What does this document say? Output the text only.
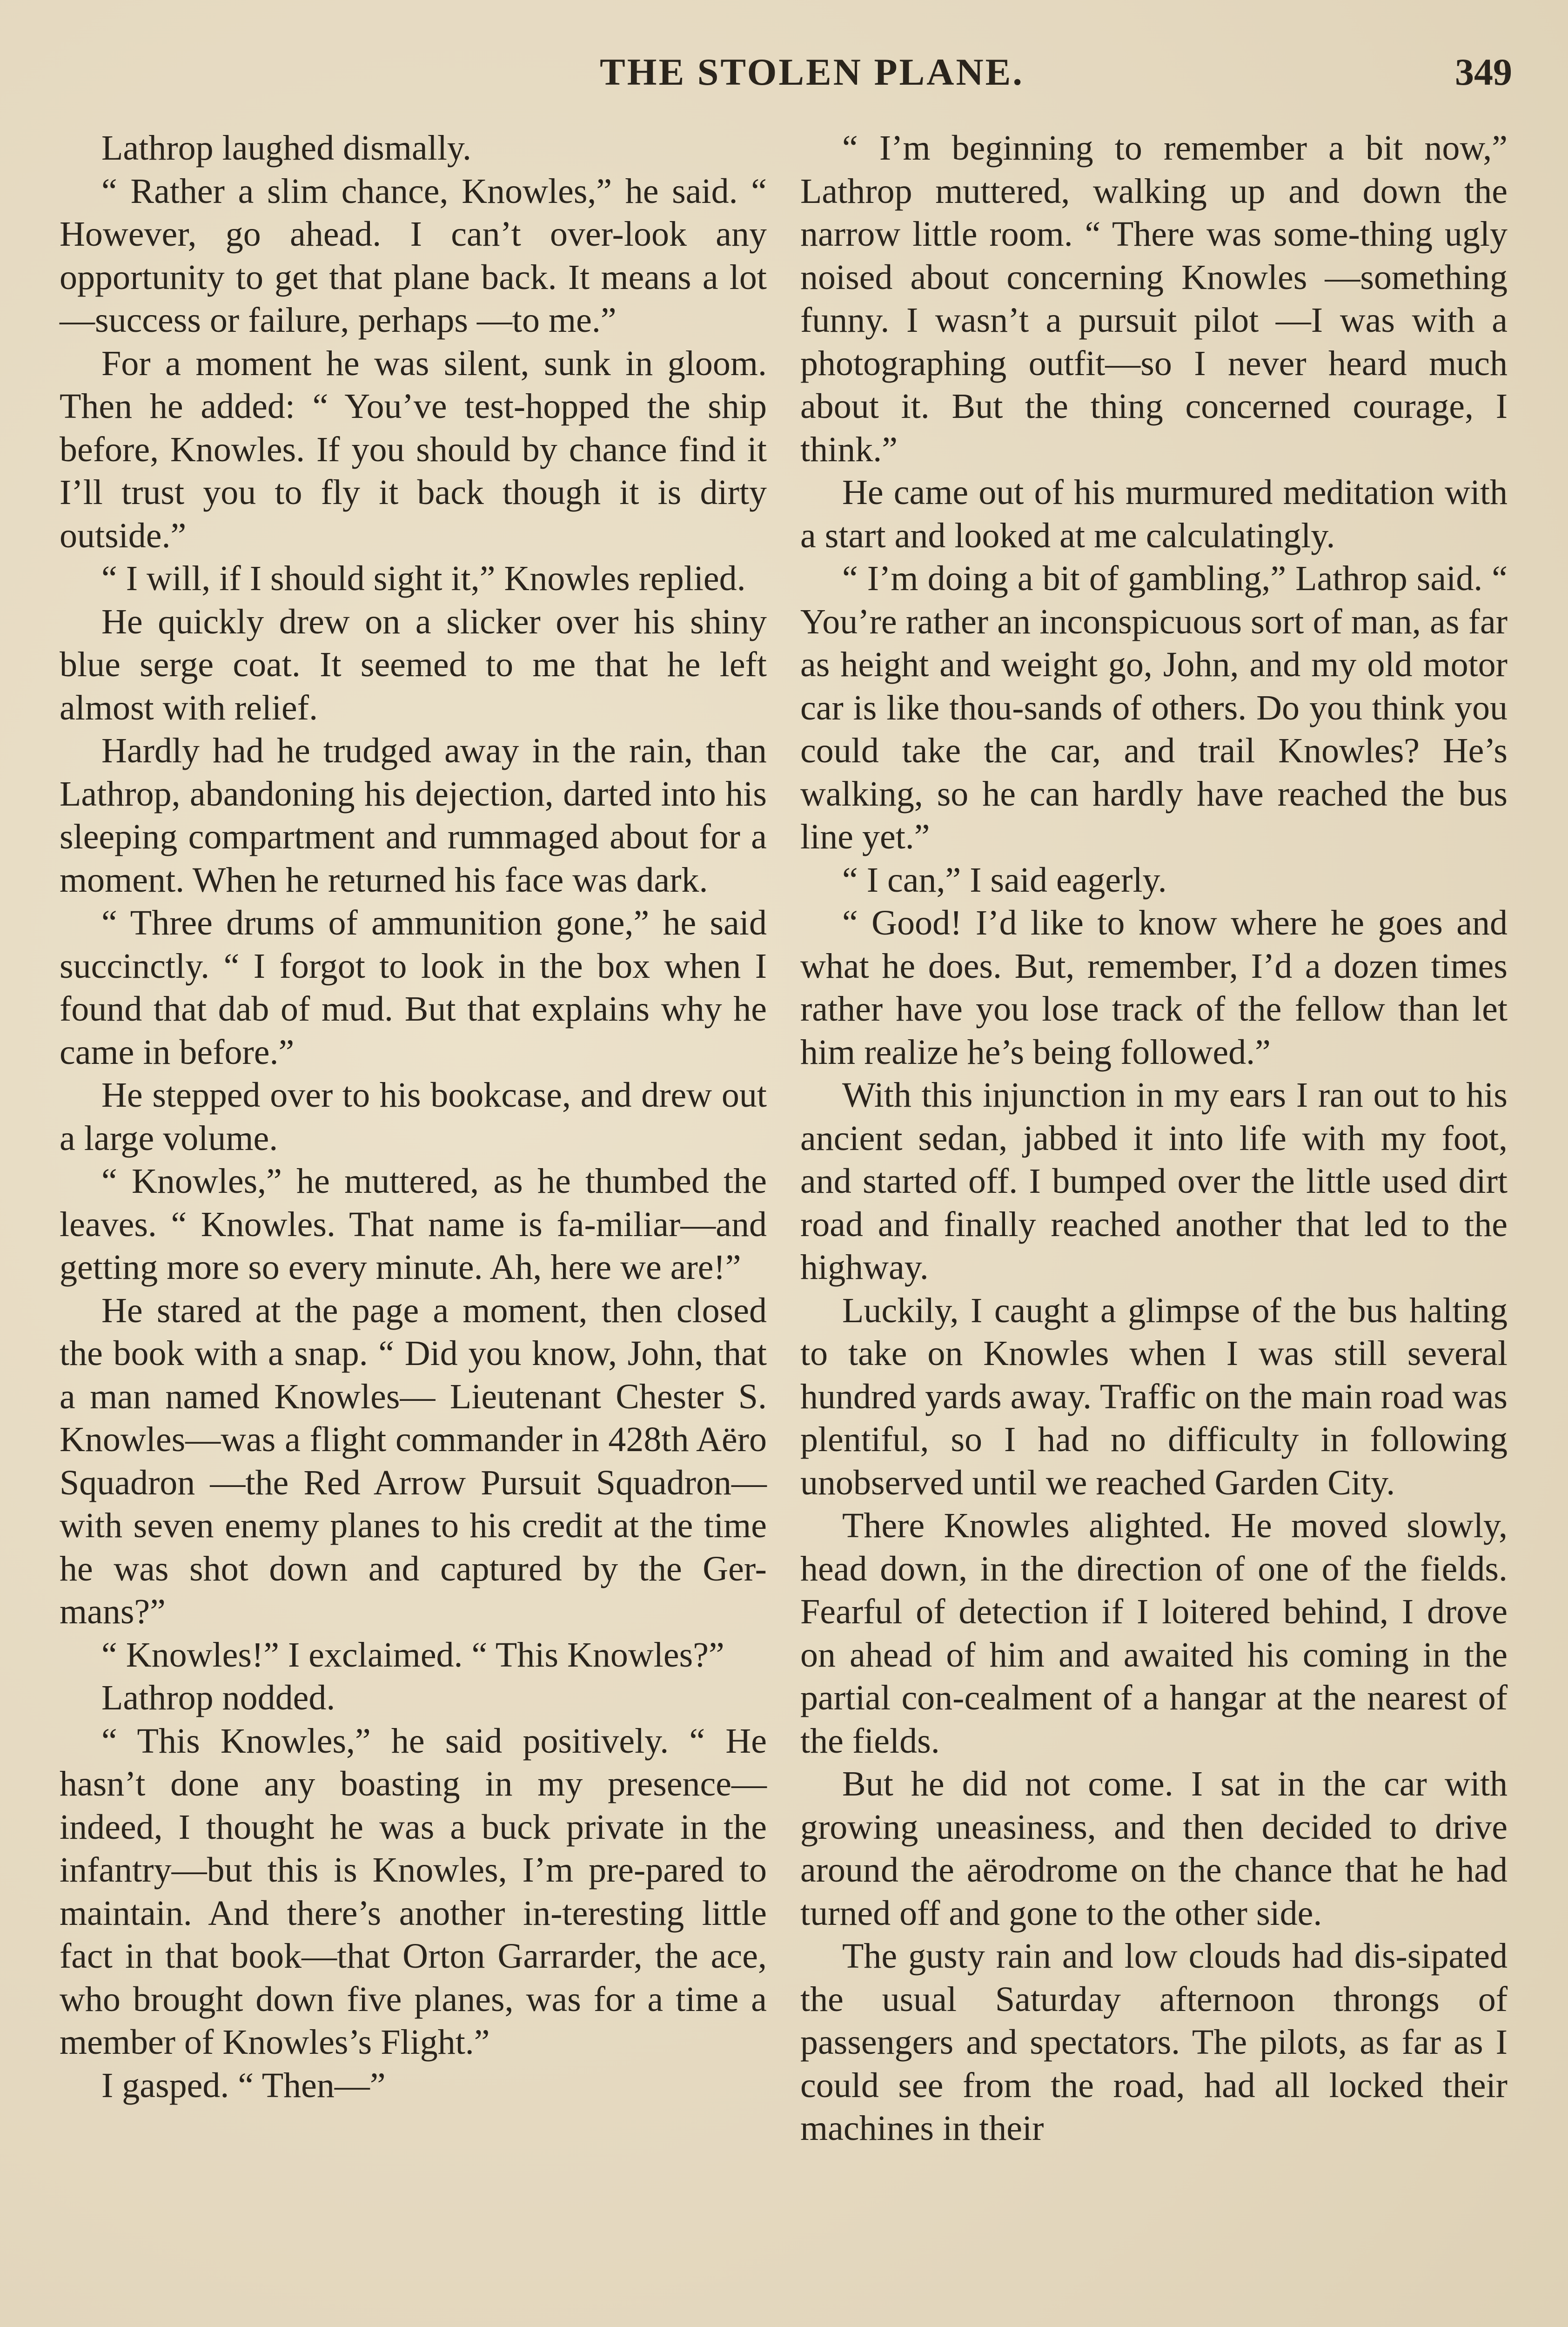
THE STOLEN PLANE.	349

Lathrop laughed dismally.

“ Rather a slim chance, Knowles,” he said. “ However, go ahead. I can’t over-look any opportunity to get that plane back. It means a lot—success or failure, perhaps —to me.”

For a moment he was silent, sunk in gloom. Then he added: “ You’ve test-hopped the ship before, Knowles. If you should by chance find it I’ll trust you to fly it back though it is dirty outside.”

“ I will, if I should sight it,” Knowles replied.

He quickly drew on a slicker over his shiny blue serge coat. It seemed to me that he left almost with relief.

Hardly had he trudged away in the rain, than Lathrop, abandoning his dejection, darted into his sleeping compartment and rummaged about for a moment. When he returned his face was dark.

“ Three drums of ammunition gone,” he said succinctly. “ I forgot to look in the box when I found that dab of mud. But that explains why he came in before.”

He stepped over to his bookcase, and drew out a large volume.

“ Knowles,” he muttered, as he thumbed the leaves. “ Knowles. That name is fa-miliar—and getting more so every minute. Ah, here we are!”

He stared at the page a moment, then closed the book with a snap. “ Did you know, John, that a man named Knowles— Lieutenant Chester S. Knowles—was a flight commander in 428th Aëro Squadron —the Red Arrow Pursuit Squadron—with seven enemy planes to his credit at the time he was shot down and captured by the Ger-mans?”

“ Knowles!” I exclaimed. “ This Knowles?”

Lathrop nodded.

“ This Knowles,” he said positively. “ He hasn’t done any boasting in my presence— indeed, I thought he was a buck private in the infantry—but this is Knowles, I’m pre-pared to maintain. And there’s another in-teresting little fact in that book—that Orton Garrarder, the ace, who brought down five planes, was for a time a member of Knowles’s Flight.”

I gasped. “ Then—”

“ I’m beginning to remember a bit now,” Lathrop muttered, walking up and down the narrow little room. “ There was some-thing ugly noised about concerning Knowles —something funny. I wasn’t a pursuit pilot —I was with a photographing outfit—so I never heard much about it. But the thing concerned courage, I think.”

He came out of his murmured meditation with a start and looked at me calculatingly.

“ I’m doing a bit of gambling,” Lathrop said. “ You’re rather an inconspicuous sort of man, as far as height and weight go, John, and my old motor car is like thou-sands of others. Do you think you could take the car, and trail Knowles? He’s walking, so he can hardly have reached the bus line yet.”

“ I can,” I said eagerly.

“ Good! I’d like to know where he goes and what he does. But, remember, I’d a dozen times rather have you lose track of the fellow than let him realize he’s being followed.”

With this injunction in my ears I ran out to his ancient sedan, jabbed it into life with my foot, and started off. I bumped over the little used dirt road and finally reached another that led to the highway.

Luckily, I caught a glimpse of the bus halting to take on Knowles when I was still several hundred yards away. Traffic on the main road was plentiful, so I had no difficulty in following unobserved until we reached Garden City.

There Knowles alighted. He moved slowly, head down, in the direction of one of the fields. Fearful of detection if I loitered behind, I drove on ahead of him and awaited his coming in the partial con-cealment of a hangar at the nearest of the fields.

But he did not come. I sat in the car with growing uneasiness, and then decided to drive around the aërodrome on the chance that he had turned off and gone to the other side.

The gusty rain and low clouds had dis-sipated the usual Saturday afternoon throngs of passengers and spectators. The pilots, as far as I could see from the road, had all locked their machines in their
